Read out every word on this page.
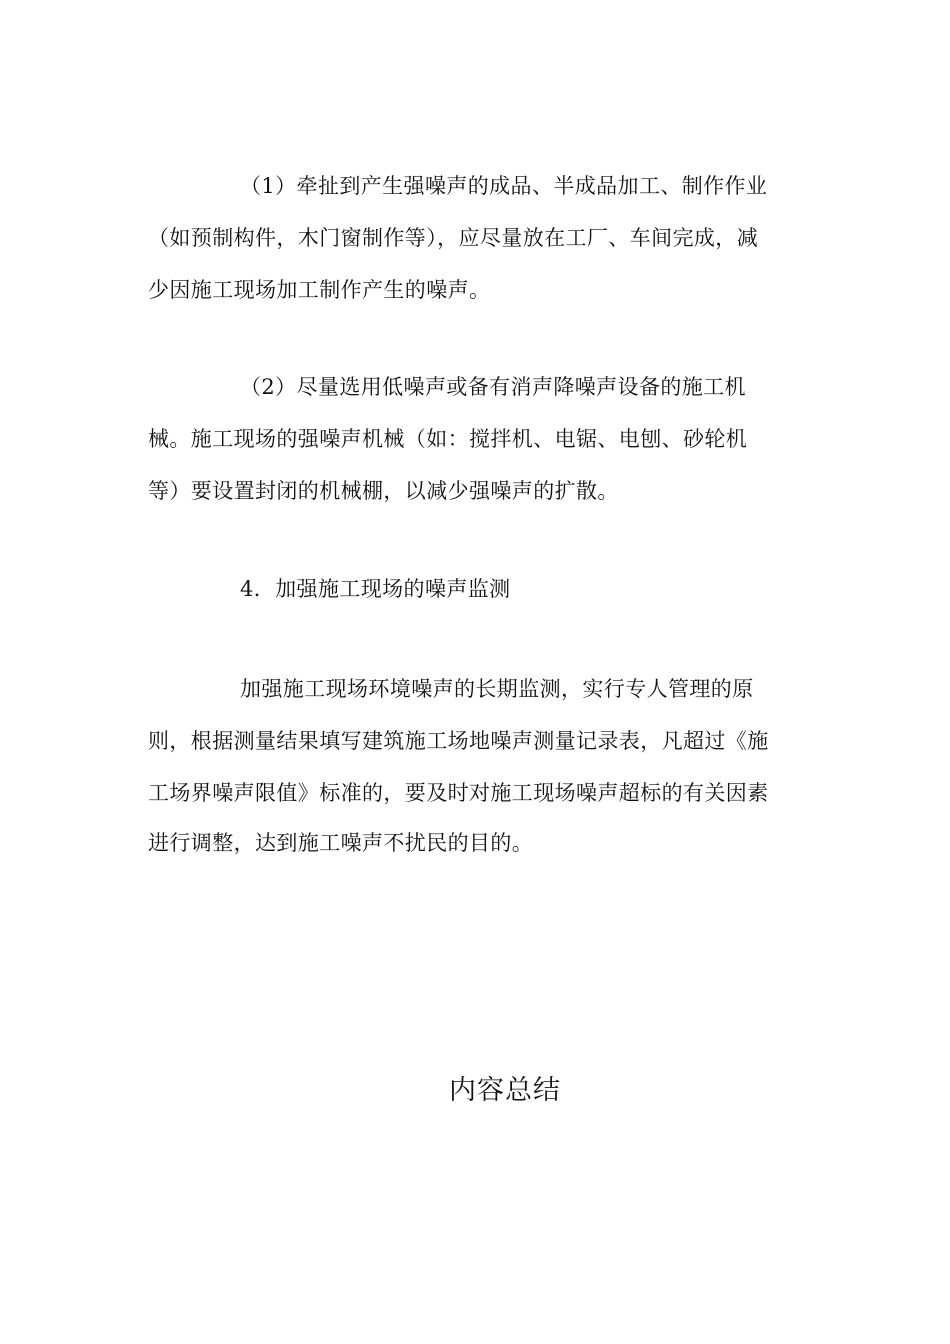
（1）牵扯到产生强噪声的成品、半成品加工、制作作业
（如预制构件，木门窗制作等），应尽量放在工厂、车间完成，减
少因施工现场加工制作产生的噪声。
（2）尽量选用低噪声或备有消声降噪声设备的施工机
械。施工现场的强噪声机械（如：搅拌机、电锯、电刨、砂轮机
等）要设置封闭的机械棚，以减少强噪声的扩散。
4．加强施工现场的噪声监测
加强施工现场环境噪声的长期监测，实行专人管理的原
则，根据测量结果填写建筑施工场地噪声测量记录表，凡超过《施
工场界噪声限值》标准的，要及时对施工现场噪声超标的有关因素
进行调整，达到施工噪声不扰民的目的。
内容总结
